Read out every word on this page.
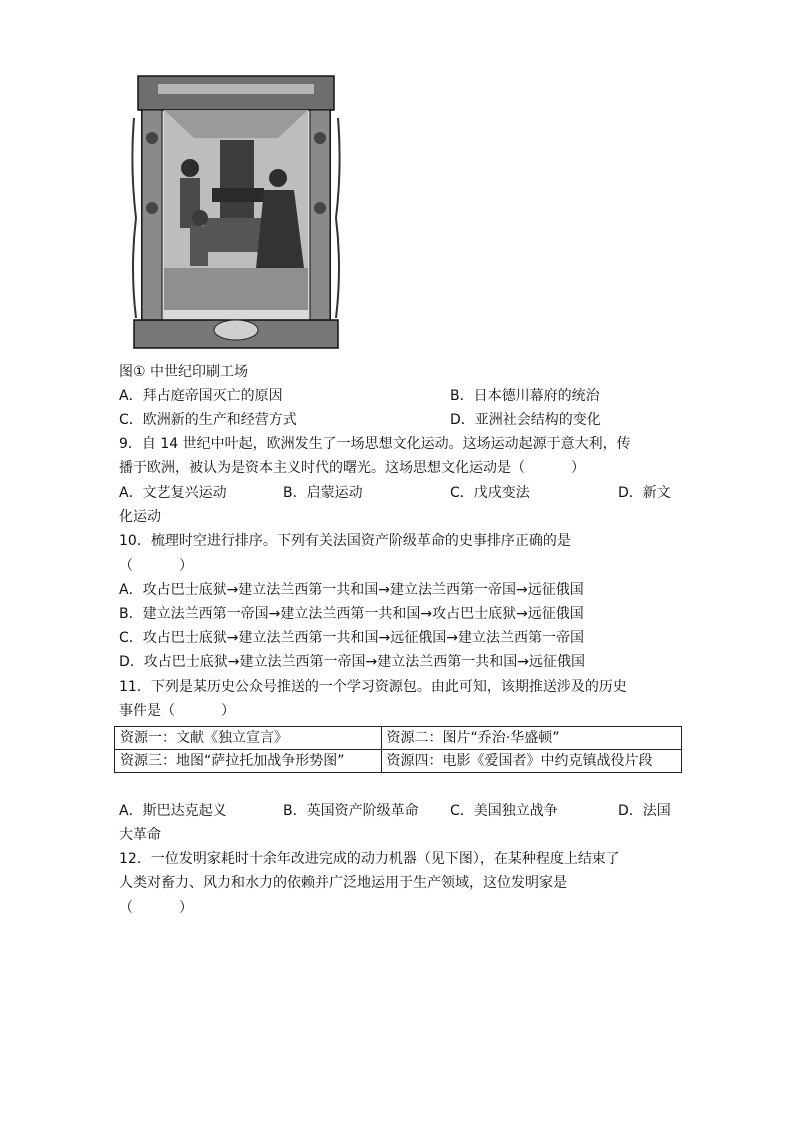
图① 中世纪印刷工场
A．拜占庭帝国灭亡的原因	B．日本德川幕府的统治
C．欧洲新的生产和经营方式	D．亚洲社会结构的变化
9．自 14 世纪中叶起，欧洲发生了一场思想文化运动。这场运动起源于意大利，传
播于欧洲，被认为是资本主义时代的曙光。这场思想文化运动是（	）
A．文艺复兴运动	B．启蒙运动	C．戊戌变法	D．新文
化运动
10．梳理时空进行排序。下列有关法国资产阶级革命的史事排序正确的是
（	）
A．攻占巴士底狱→建立法兰西第一共和国→建立法兰西第一帝国→远征俄国
B．建立法兰西第一帝国→建立法兰西第一共和国→攻占巴士底狱→远征俄国
C．攻占巴士底狱→建立法兰西第一共和国→远征俄国→建立法兰西第一帝国
D．攻占巴士底狱→建立法兰西第一帝国→建立法兰西第一共和国→远征俄国
11．下列是某历史公众号推送的一个学习资源包。由此可知，该期推送涉及的历史
事件是（	）
资源一：文献《独立宣言》	资源二：图片“乔治·华盛顿”
资源三：地图“萨拉托加战争形势图”	资源四：电影《爱国者》中约克镇战役片段
A．斯巴达克起义	B．英国资产阶级革命 C．美国独立战争	D．法国
大革命
12．一位发明家耗时十余年改进完成的动力机器（见下图），在某种程度上结束了
人类对畜力、风力和水力的依赖并广泛地运用于生产领域，这位发明家是
（	）
